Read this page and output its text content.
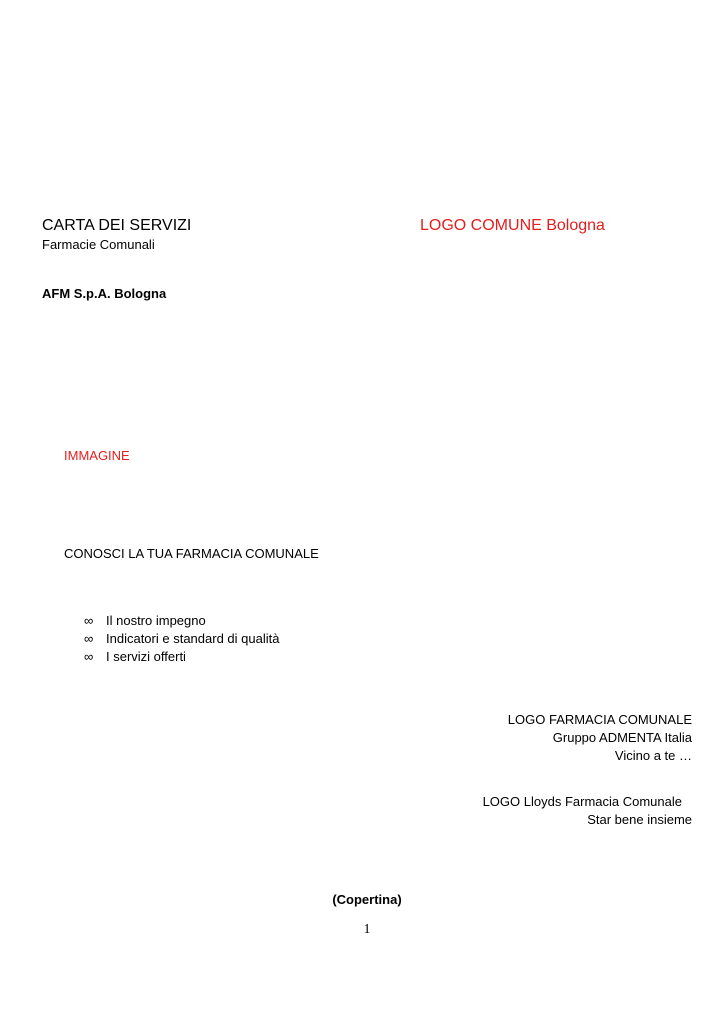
CARTA DEI SERVIZI
Farmacie Comunali
LOGO COMUNE Bologna
AFM S.p.A. Bologna
IMMAGINE
CONOSCI LA TUA FARMACIA COMUNALE
∞ Il nostro impegno
∞ Indicatori e standard di qualità
∞ I servizi offerti
LOGO FARMACIA COMUNALE
Gruppo ADMENTA Italia
Vicino a te …
LOGO Lloyds Farmacia Comunale
Star bene insieme
(Copertina)
1
